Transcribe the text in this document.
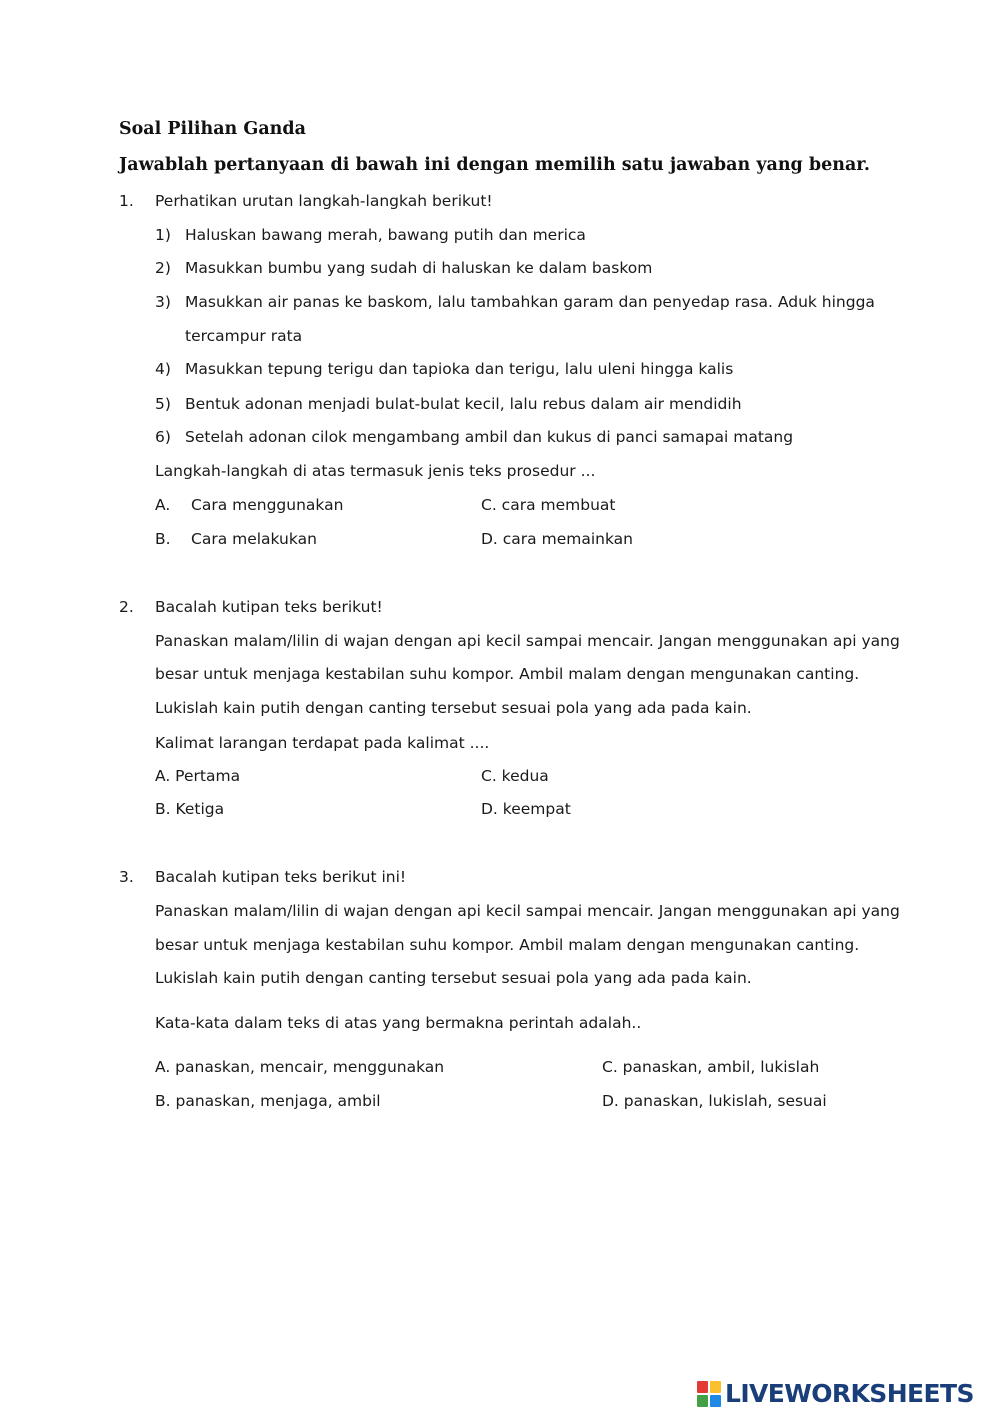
Soal Pilihan Ganda
Jawablah pertanyaan di bawah ini dengan memilih satu jawaban yang benar.
1. Perhatikan urutan langkah-langkah berikut!
1) Haluskan bawang merah, bawang putih dan merica
2) Masukkan bumbu yang sudah di haluskan ke dalam baskom
3) Masukkan air panas ke baskom, lalu tambahkan garam dan penyedap rasa. Aduk hingga
tercampur rata
4) Masukkan tepung terigu dan tapioka dan terigu, lalu uleni hingga kalis
5) Bentuk adonan menjadi bulat-bulat kecil, lalu rebus dalam air mendidih
6) Setelah adonan cilok mengambang ambil dan kukus di panci samapai matang
Langkah-langkah di atas termasuk jenis teks prosedur ...
A. Cara menggunakan	C. cara membuat
B. Cara melakukan	D. cara memainkan
2. Bacalah kutipan teks berikut!
Panaskan malam/lilin di wajan dengan api kecil sampai mencair. Jangan menggunakan api yang
besar untuk menjaga kestabilan suhu kompor. Ambil malam dengan mengunakan canting.
Lukislah kain putih dengan canting tersebut sesuai pola yang ada pada kain.
Kalimat larangan terdapat pada kalimat ....
A. Pertama	C. kedua
B. Ketiga	D. keempat
3. Bacalah kutipan teks berikut ini!
Panaskan malam/lilin di wajan dengan api kecil sampai mencair. Jangan menggunakan api yang
besar untuk menjaga kestabilan suhu kompor. Ambil malam dengan mengunakan canting.
Lukislah kain putih dengan canting tersebut sesuai pola yang ada pada kain.
Kata-kata dalam teks di atas yang bermakna perintah adalah..
A. panaskan, mencair, menggunakan	C. panaskan, ambil, lukislah
B. panaskan, menjaga, ambil	D. panaskan, lukislah, sesuai
LIVEWORKSHEETS
